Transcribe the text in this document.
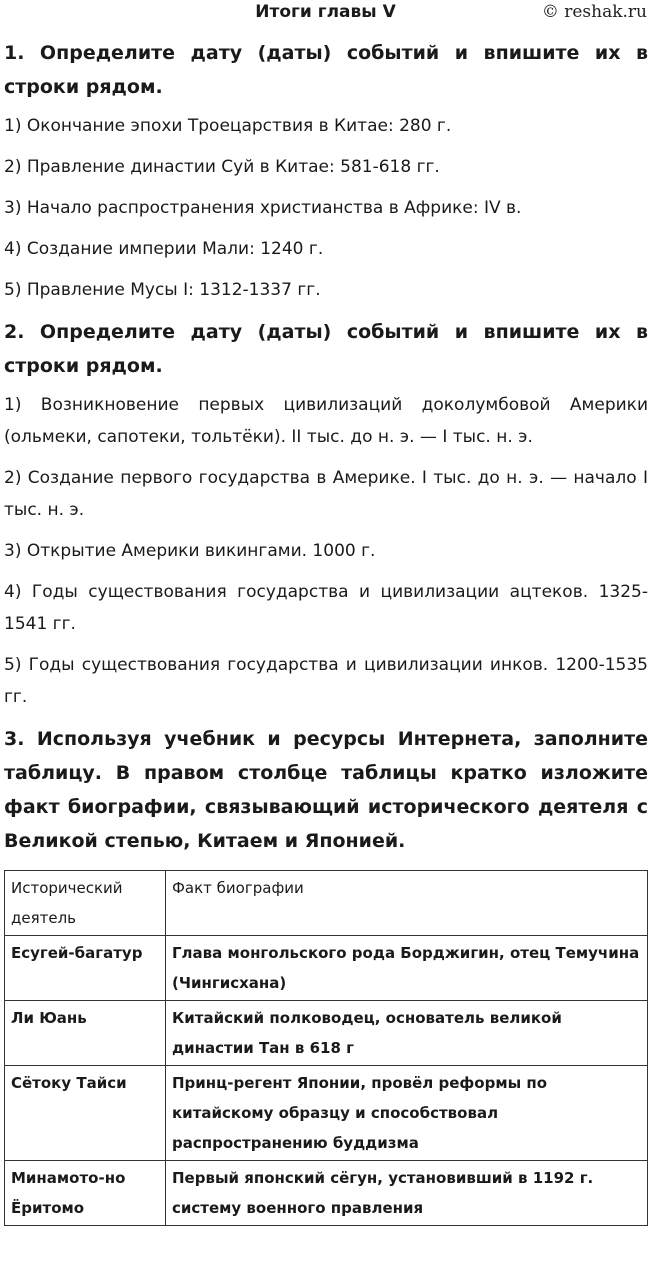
Итоги главы V	© reshak.ru
1. Определите дату (даты) событий и впишите их в строки рядом.
1) Окончание эпохи Троецарствия в Китае: 280 г.
2) Правление династии Суй в Китае: 581-618 гг.
3) Начало распространения христианства в Африке: IV в.
4) Создание империи Мали: 1240 г.
5) Правление Мусы I: 1312-1337 гг.
2. Определите дату (даты) событий и впишите их в строки рядом.
1) Возникновение первых цивилизаций доколумбовой Америки (ольмеки, сапотеки, тольтёки). II тыс. до н. э. — I тыс. н. э.
2) Создание первого государства в Америке. I тыс. до н. э. — начало I тыс. н. э.
3) Открытие Америки викингами. 1000 г.
4) Годы существования государства и цивилизации ацтеков. 1325-1541 гг.
5) Годы существования государства и цивилизации инков. 1200-1535 гг.
3. Используя учебник и ресурсы Интернета, заполните таблицу. В правом столбце таблицы кратко изложите факт биографии, связывающий исторического деятеля с Великой степью, Китаем и Японией.
Исторический деятель	Факт биографии
Есугей-багатур	Глава монгольского рода Борджигин, отец Темучина (Чингисхана)
Ли Юань	Китайский полководец, основатель великой династии Тан в 618 г
Сётоку Тайси	Принц-регент Японии, провёл реформы по китайскому образцу и способствовал распространению буддизма
Минамото-но Ёритомо	Первый японский сёгун, установивший в 1192 г. систему военного правления
